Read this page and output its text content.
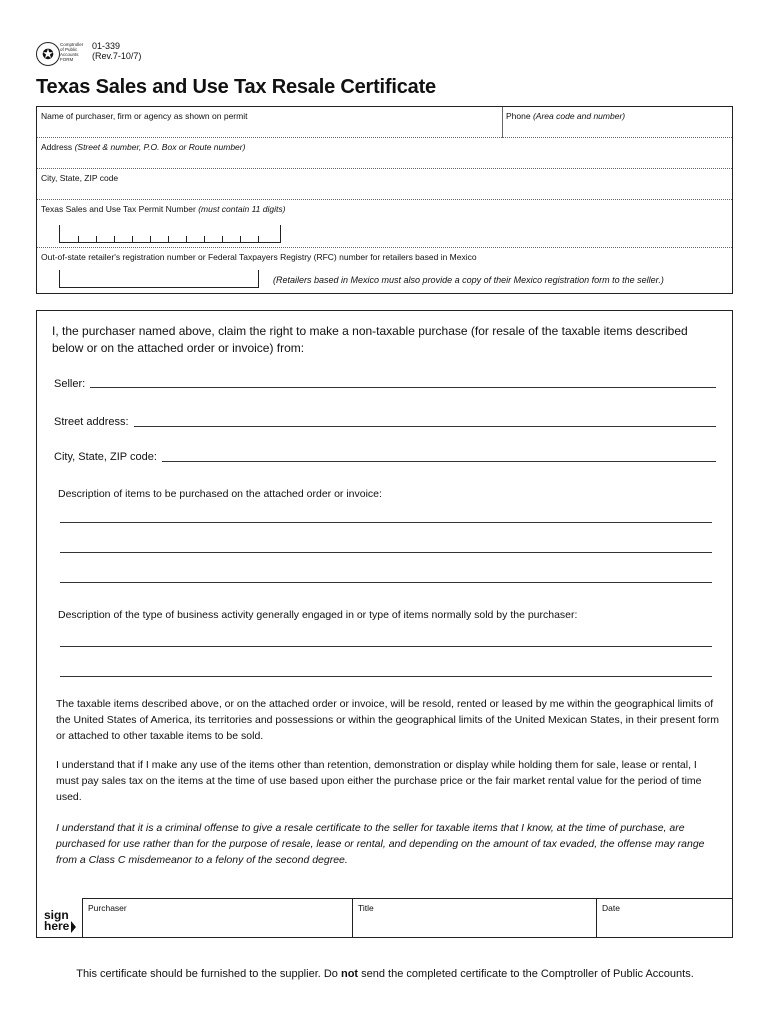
✪
Comptroller of Public Accounts FORM
01-339
(Rev.7-10/7)
Texas Sales and Use Tax Resale Certificate
Name of purchaser, firm or agency as shown on permit	Phone (Area code and number)
Address (Street & number, P.O. Box or Route number)
City, State, ZIP code
Texas Sales and Use Tax Permit Number (must contain 11 digits)
Out-of-state retailer's registration number or Federal Taxpayers Registry (RFC) number for retailers based in Mexico
(Retailers based in Mexico must also provide a copy of their Mexico registration form to the seller.)
I, the purchaser named above, claim the right to make a non-taxable purchase (for resale of the taxable items described below or on the attached order or invoice) from:
Seller:
Street address:
City, State, ZIP code:
Description of items to be purchased on the attached order or invoice:
Description of the type of business activity generally engaged in or type of items normally sold by the purchaser:
The taxable items described above, or on the attached order or invoice, will be resold, rented or leased by me within the geographical limits of the United States of America, its territories and possessions or within the geographical limits of the United Mexican States, in their present form or attached to other taxable items to be sold.
I understand that if I make any use of the items other than retention, demonstration or display while holding them for sale, lease or rental, I must pay sales tax on the items at the time of use based upon either the purchase price or the fair market rental value for the period of time used.
I understand that it is a criminal offense to give a resale certificate to the seller for taxable items that I know, at the time of purchase, are purchased for use rather than for the purpose of resale, lease or rental, and depending on the amount of tax evaded, the offense may range from a Class C misdemeanor to a felony of the second degree.
sign
here
Purchaser	Title	Date
This certificate should be furnished to the supplier. Do not send the completed certificate to the Comptroller of Public Accounts.
